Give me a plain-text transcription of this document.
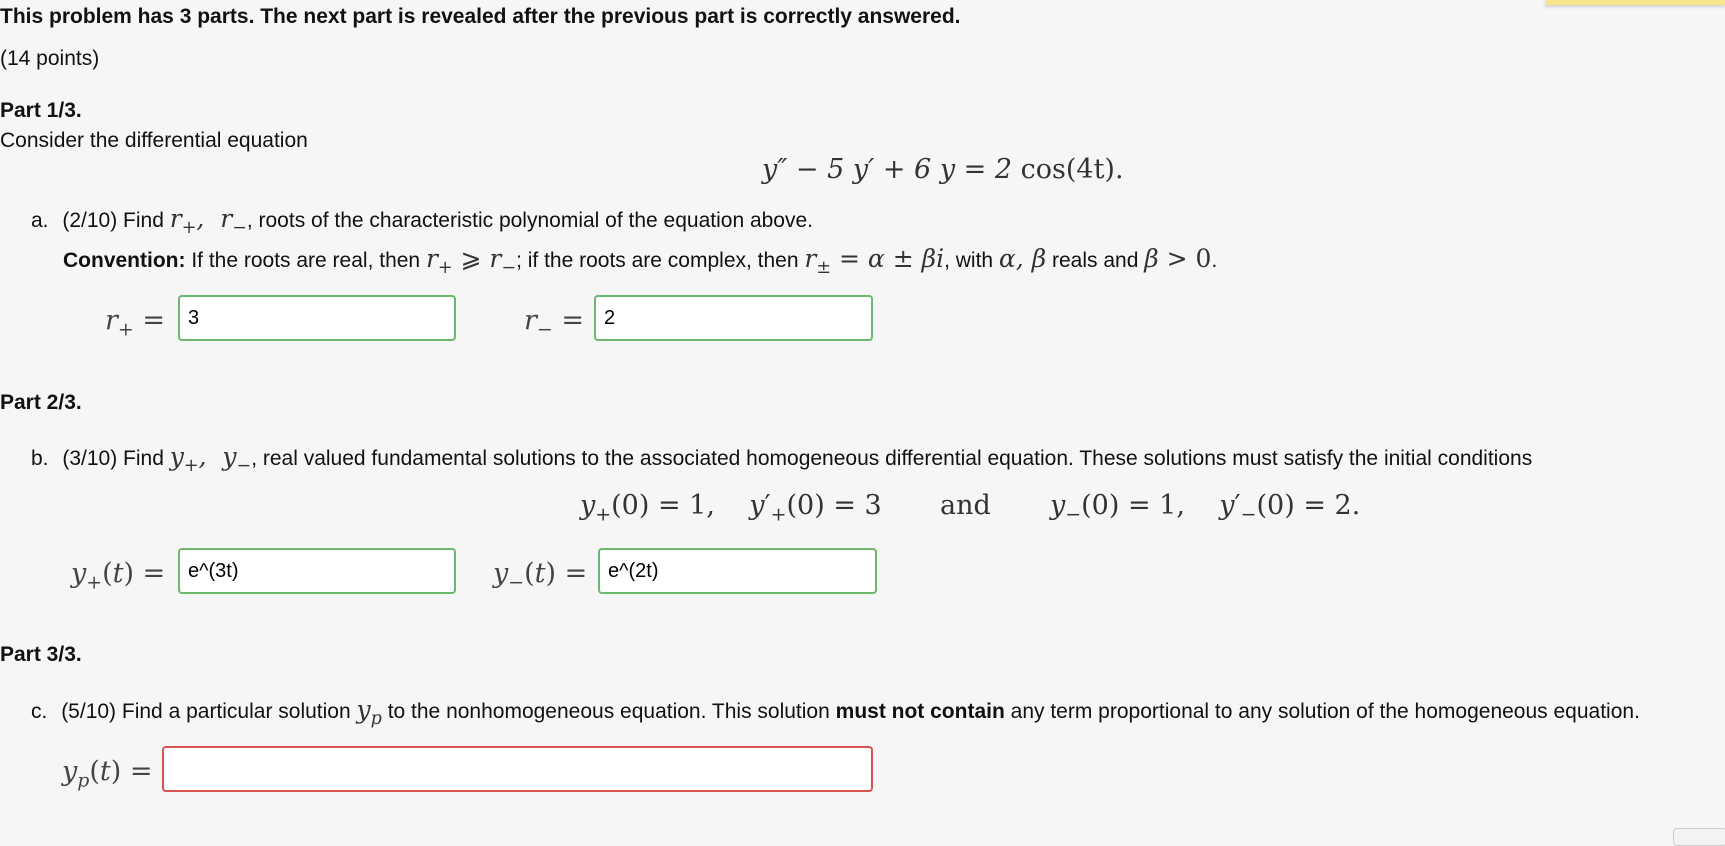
This problem has 3 parts. The next part is revealed after the previous part is correctly answered.
(14 points)
Part 1/3.
Consider the differential equation
y″ − 5 y′ + 6 y = 2 cos(4t).
a. (2/10) Find $r_+$,  $r_-$, roots of the characteristic polynomial of the equation above.
Convention: If the roots are real, then $r_+$ ⩾ $r_-$; if the roots are complex, then $r_\pm = \alpha \pm \beta i$, with α, β reals and β > 0.
$r_+$ =
3	$r_-$ =
2
Part 2/3.
b. (3/10) Find $y_+$,  $y_-$, real valued fundamental solutions to the associated homogeneous differential equation. These solutions must satisfy the initial conditions
$y_+(0) = 1$,    $y'_+(0) = 3$ and $y_-(0) = 1$,    $y'_-(0) = 2$.
$y_+(t)$ =
e^(3t)	$y_-(t)$ =
e^(2t)
Part 3/3.
c. (5/10) Find a particular solution $y_p$ to the nonhomogeneous equation. This solution must not contain any term proportional to any solution of the homogeneous equation.
$y_p(t)$ =
